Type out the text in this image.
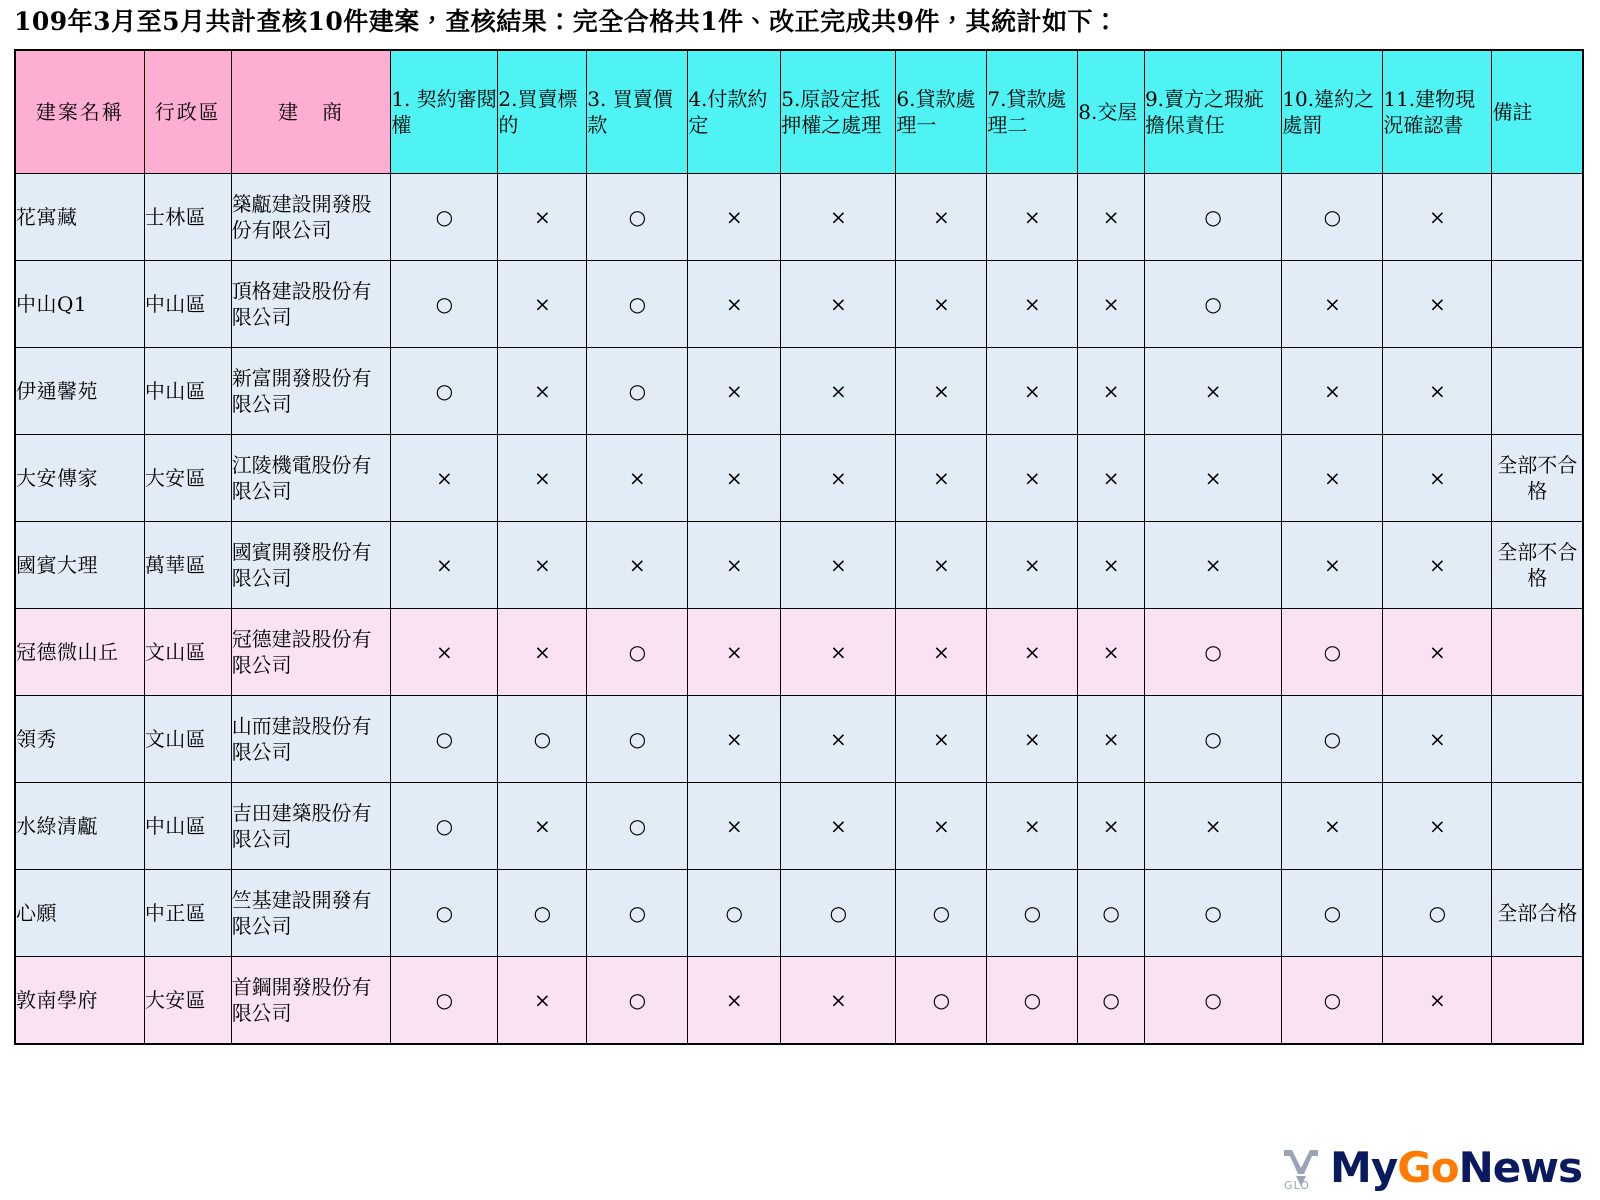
109年3月至5月共計查核10件建案，查核結果：完全合格共1件、改正完成共9件，其統計如下：
建案名稱	行政區	建　商	1. 契約審閱權	2.買賣標的	3. 買賣價款	4.付款約定	5.原設定抵押權之處理	6.貸款處理一	7.貸款處理二	8.交屋	9.賣方之瑕疵擔保責任	10.違約之處罰	11.建物現況確認書	備註

花寓藏	士林區	築甗建設開發股份有限公司	○	×	○	×	×	×	×	×	○	○	×	
中山Q1	中山區	頂格建設股份有限公司	○	×	○	×	×	×	×	×	○	×	×	
伊通馨苑	中山區	新富開發股份有限公司	○	×	○	×	×	×	×	×	×	×	×	
大安傳家	大安區	江陵機電股份有限公司	×	×	×	×	×	×	×	×	×	×	×	全部不合格
國賓大理	萬華區	國賓開發股份有限公司	×	×	×	×	×	×	×	×	×	×	×	全部不合格
冠德微山丘	文山區	冠德建設股份有限公司	×	×	○	×	×	×	×	×	○	○	×	
領秀	文山區	山而建設股份有限公司	○	○	○	×	×	×	×	×	○	○	×	
水綠清甗	中山區	吉田建築股份有限公司	○	×	○	×	×	×	×	×	×	×	×	
心願	中正區	竺基建設開發有限公司	○	○	○	○	○	○	○	○	○	○	○	全部合格
敦南學府	大安區	首鋼開發股份有限公司	○	×	○	×	×	○	○	○	○	○	×	
GLO MyGoNews
